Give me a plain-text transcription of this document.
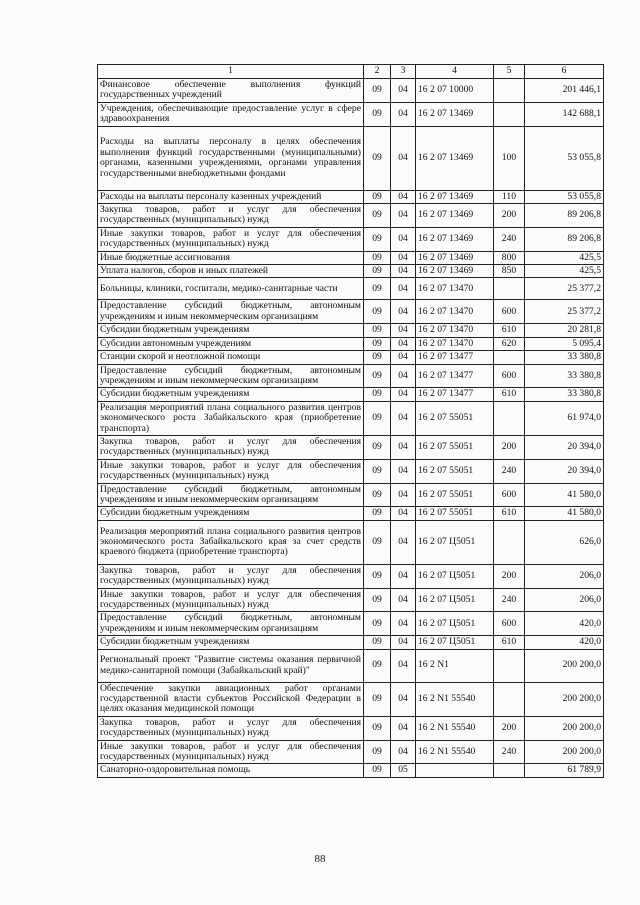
1	2	3	4	5	6
Финансовое обеспечение выполнения функций государственных учреждений	09	04	16 2 07 10000		201 446,1
Учреждения, обеспечивающие предоставление услуг в сфере здравоохранения	09	04	16 2 07 13469		142 688,1
Расходы на выплаты персоналу в целях обеспечения выполнения функций государственными (муниципальными) органами, казенными учреждениями, органами управления государственными внебюджетными фондами	09	04	16 2 07 13469	100	53 055,8
Расходы на выплаты персоналу казенных учреждений	09	04	16 2 07 13469	110	53 055,8
Закупка товаров, работ и услуг для обеспечения государственных (муниципальных) нужд	09	04	16 2 07 13469	200	89 206,8
Иные закупки товаров, работ и услуг для обеспечения государственных (муниципальных) нужд	09	04	16 2 07 13469	240	89 206,8
Иные бюджетные ассигнования	09	04	16 2 07 13469	800	425,5
Уплата налогов, сборов и иных платежей	09	04	16 2 07 13469	850	425,5
Больницы, клиники, госпитали, медико-санитарные части	09	04	16 2 07 13470		25 377,2
Предоставление субсидий бюджетным, автономным учреждениям и иным некоммерческим организациям	09	04	16 2 07 13470	600	25 377,2
Субсидии бюджетным учреждениям	09	04	16 2 07 13470	610	20 281,8
Субсидии автономным учреждениям	09	04	16 2 07 13470	620	5 095,4
Станции скорой и неотложной помощи	09	04	16 2 07 13477		33 380,8
Предоставление субсидий бюджетным, автономным учреждениям и иным некоммерческим организациям	09	04	16 2 07 13477	600	33 380,8
Субсидии бюджетным учреждениям	09	04	16 2 07 13477	610	33 380,8
Реализация мероприятий плана социального развития центров экономического роста Забайкальского края (приобретение транспорта)	09	04	16 2 07 55051		61 974,0
Закупка товаров, работ и услуг для обеспечения государственных (муниципальных) нужд	09	04	16 2 07 55051	200	20 394,0
Иные закупки товаров, работ и услуг для обеспечения государственных (муниципальных) нужд	09	04	16 2 07 55051	240	20 394,0
Предоставление субсидий бюджетным, автономным учреждениям и иным некоммерческим организациям	09	04	16 2 07 55051	600	41 580,0
Субсидии бюджетным учреждениям	09	04	16 2 07 55051	610	41 580,0
Реализация мероприятий плана социального развития центров экономического роста Забайкальского края за счет средств краевого бюджета (приобретение транспорта)	09	04	16 2 07 Ц5051		626,0
Закупка товаров, работ и услуг для обеспечения государственных (муниципальных) нужд	09	04	16 2 07 Ц5051	200	206,0
Иные закупки товаров, работ и услуг для обеспечения государственных (муниципальных) нужд	09	04	16 2 07 Ц5051	240	206,0
Предоставление субсидий бюджетным, автономным учреждениям и иным некоммерческим организациям	09	04	16 2 07 Ц5051	600	420,0
Субсидии бюджетным учреждениям	09	04	16 2 07 Ц5051	610	420,0
Региональный проект "Развитие системы оказания первичной медико-санитарной помощи (Забайкальский край)"	09	04	16 2 N1		200 200,0
Обеспечение закупки авиационных работ органами государственной власти субъектов Российской Федерации в целях оказания медицинской помощи	09	04	16 2 N1 55540		200 200,0
Закупка товаров, работ и услуг для обеспечения государственных (муниципальных) нужд	09	04	16 2 N1 55540	200	200 200,0
Иные закупки товаров, работ и услуг для обеспечения государственных (муниципальных) нужд	09	04	16 2 N1 55540	240	200 200,0
Санаторно-оздоровительная помощь	09	05			61 789,9
88
